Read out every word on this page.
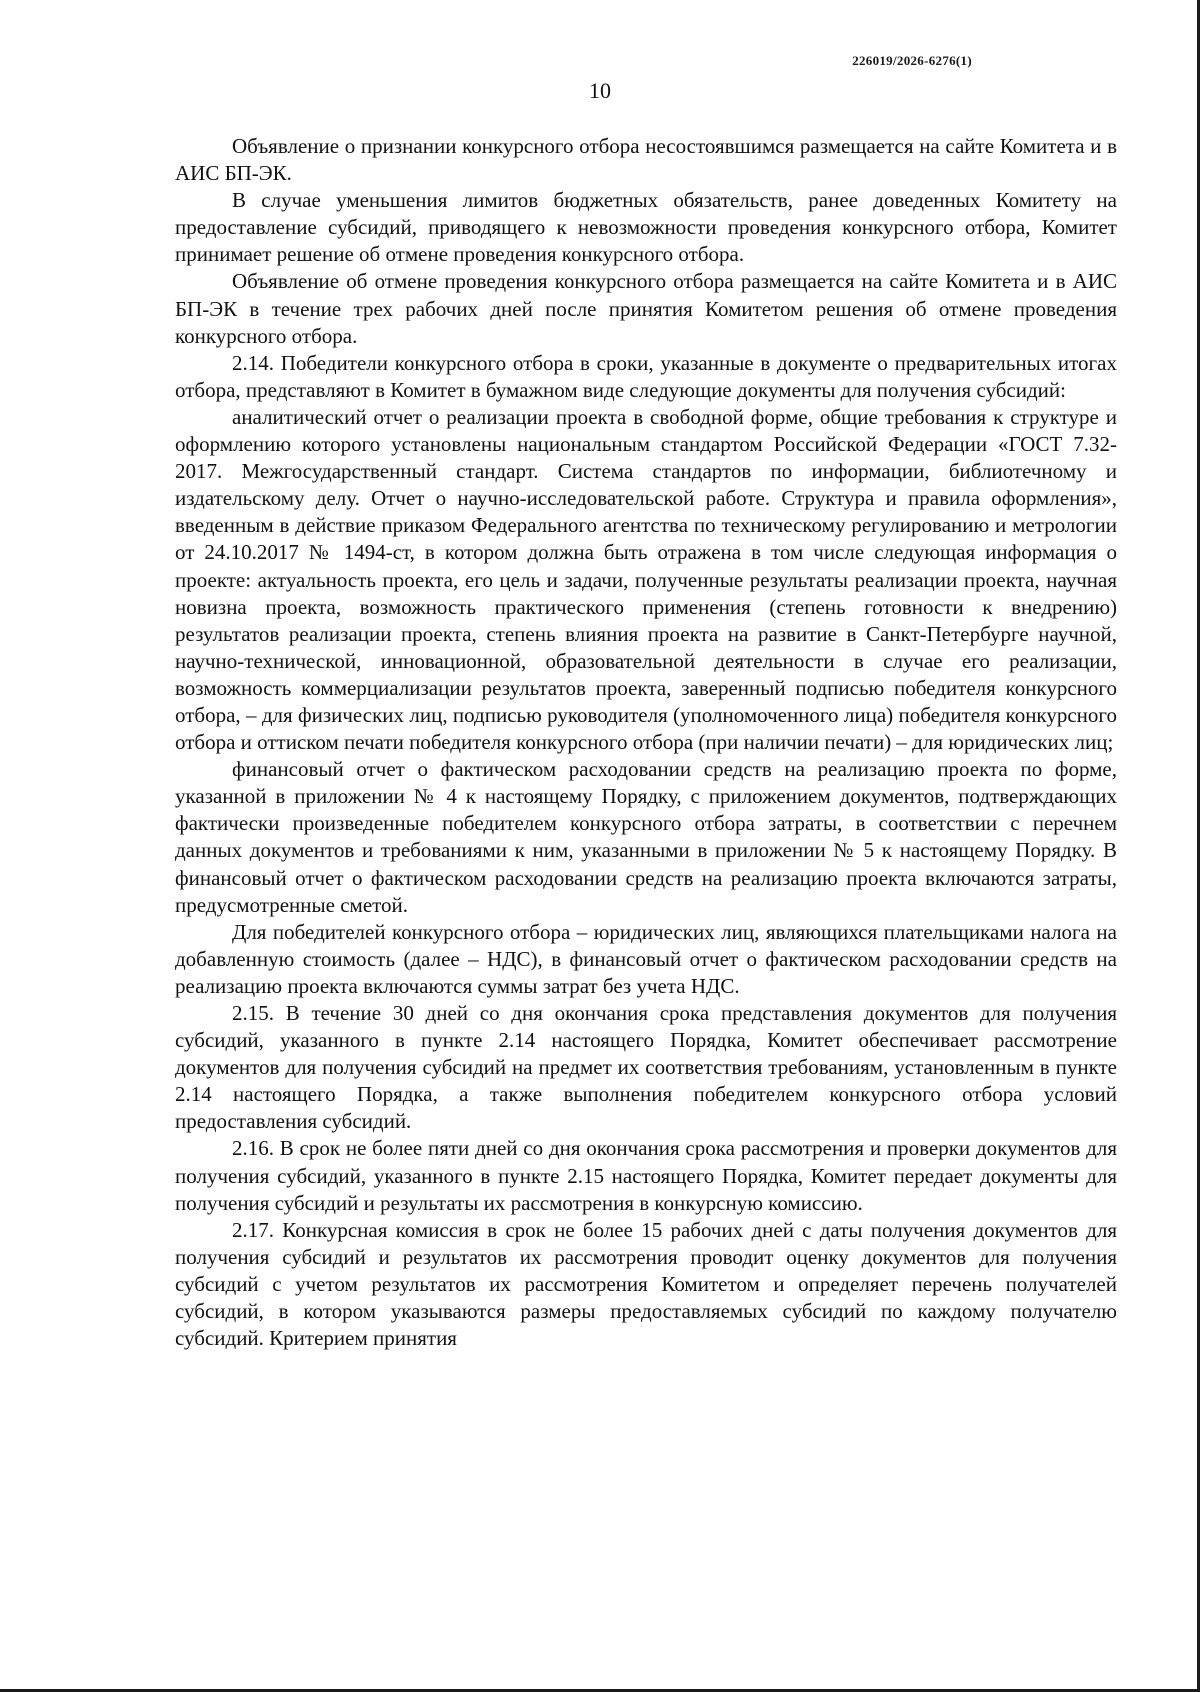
226019/2026-6276(1)
10

Объявление о признании конкурсного отбора несостоявшимся размещается на сайте Комитета и в АИС БП-ЭК.

В случае уменьшения лимитов бюджетных обязательств, ранее доведенных Комитету на предоставление субсидий, приводящего к невозможности проведения конкурсного отбора, Комитет принимает решение об отмене проведения конкурсного отбора.

Объявление об отмене проведения конкурсного отбора размещается на сайте Комитета и в АИС БП-ЭК в течение трех рабочих дней после принятия Комитетом решения об отмене проведения конкурсного отбора.

2.14. Победители конкурсного отбора в сроки, указанные в документе о предварительных итогах отбора, представляют в Комитет в бумажном виде следующие документы для получения субсидий:

аналитический отчет о реализации проекта в свободной форме, общие требования к структуре и оформлению которого установлены национальным стандартом Российской Федерации «ГОСТ 7.32-2017. Межгосударственный стандарт. Система стандартов по информации, библиотечному и издательскому делу. Отчет о научно-исследовательской работе. Структура и правила оформления», введенным в действие приказом Федерального агентства по техническому регулированию и метрологии от 24.10.2017 № 1494-ст, в котором должна быть отражена в том числе следующая информация о проекте: актуальность проекта, его цель и задачи, полученные результаты реализации проекта, научная новизна проекта, возможность практического применения (степень готовности к внедрению) результатов реализации проекта, степень влияния проекта на развитие в Санкт-Петербурге научной, научно-технической, инновационной, образовательной деятельности в случае его реализации, возможность коммерциализации результатов проекта, заверенный подписью победителя конкурсного отбора, – для физических лиц, подписью руководителя (уполномоченного лица) победителя конкурсного отбора и оттиском печати победителя конкурсного отбора (при наличии печати) – для юридических лиц;

финансовый отчет о фактическом расходовании средств на реализацию проекта по форме, указанной в приложении № 4 к настоящему Порядку, с приложением документов, подтверждающих фактически произведенные победителем конкурсного отбора затраты, в соответствии с перечнем данных документов и требованиями к ним, указанными в приложении № 5 к настоящему Порядку. В финансовый отчет о фактическом расходовании средств на реализацию проекта включаются затраты, предусмотренные сметой.

Для победителей конкурсного отбора – юридических лиц, являющихся плательщиками налога на добавленную стоимость (далее – НДС), в финансовый отчет о фактическом расходовании средств на реализацию проекта включаются суммы затрат без учета НДС.

2.15. В течение 30 дней со дня окончания срока представления документов для получения субсидий, указанного в пункте 2.14 настоящего Порядка, Комитет обеспечивает рассмотрение документов для получения субсидий на предмет их соответствия требованиям, установленным в пункте 2.14 настоящего Порядка, а также выполнения победителем конкурсного отбора условий предоставления субсидий.

2.16. В срок не более пяти дней со дня окончания срока рассмотрения и проверки документов для получения субсидий, указанного в пункте 2.15 настоящего Порядка, Комитет передает документы для получения субсидий и результаты их рассмотрения в конкурсную комиссию.

2.17. Конкурсная комиссия в срок не более 15 рабочих дней с даты получения документов для получения субсидий и результатов их рассмотрения проводит оценку документов для получения субсидий с учетом результатов их рассмотрения Комитетом и определяет перечень получателей субсидий, в котором указываются размеры предоставляемых субсидий по каждому получателю субсидий. Критерием принятия
